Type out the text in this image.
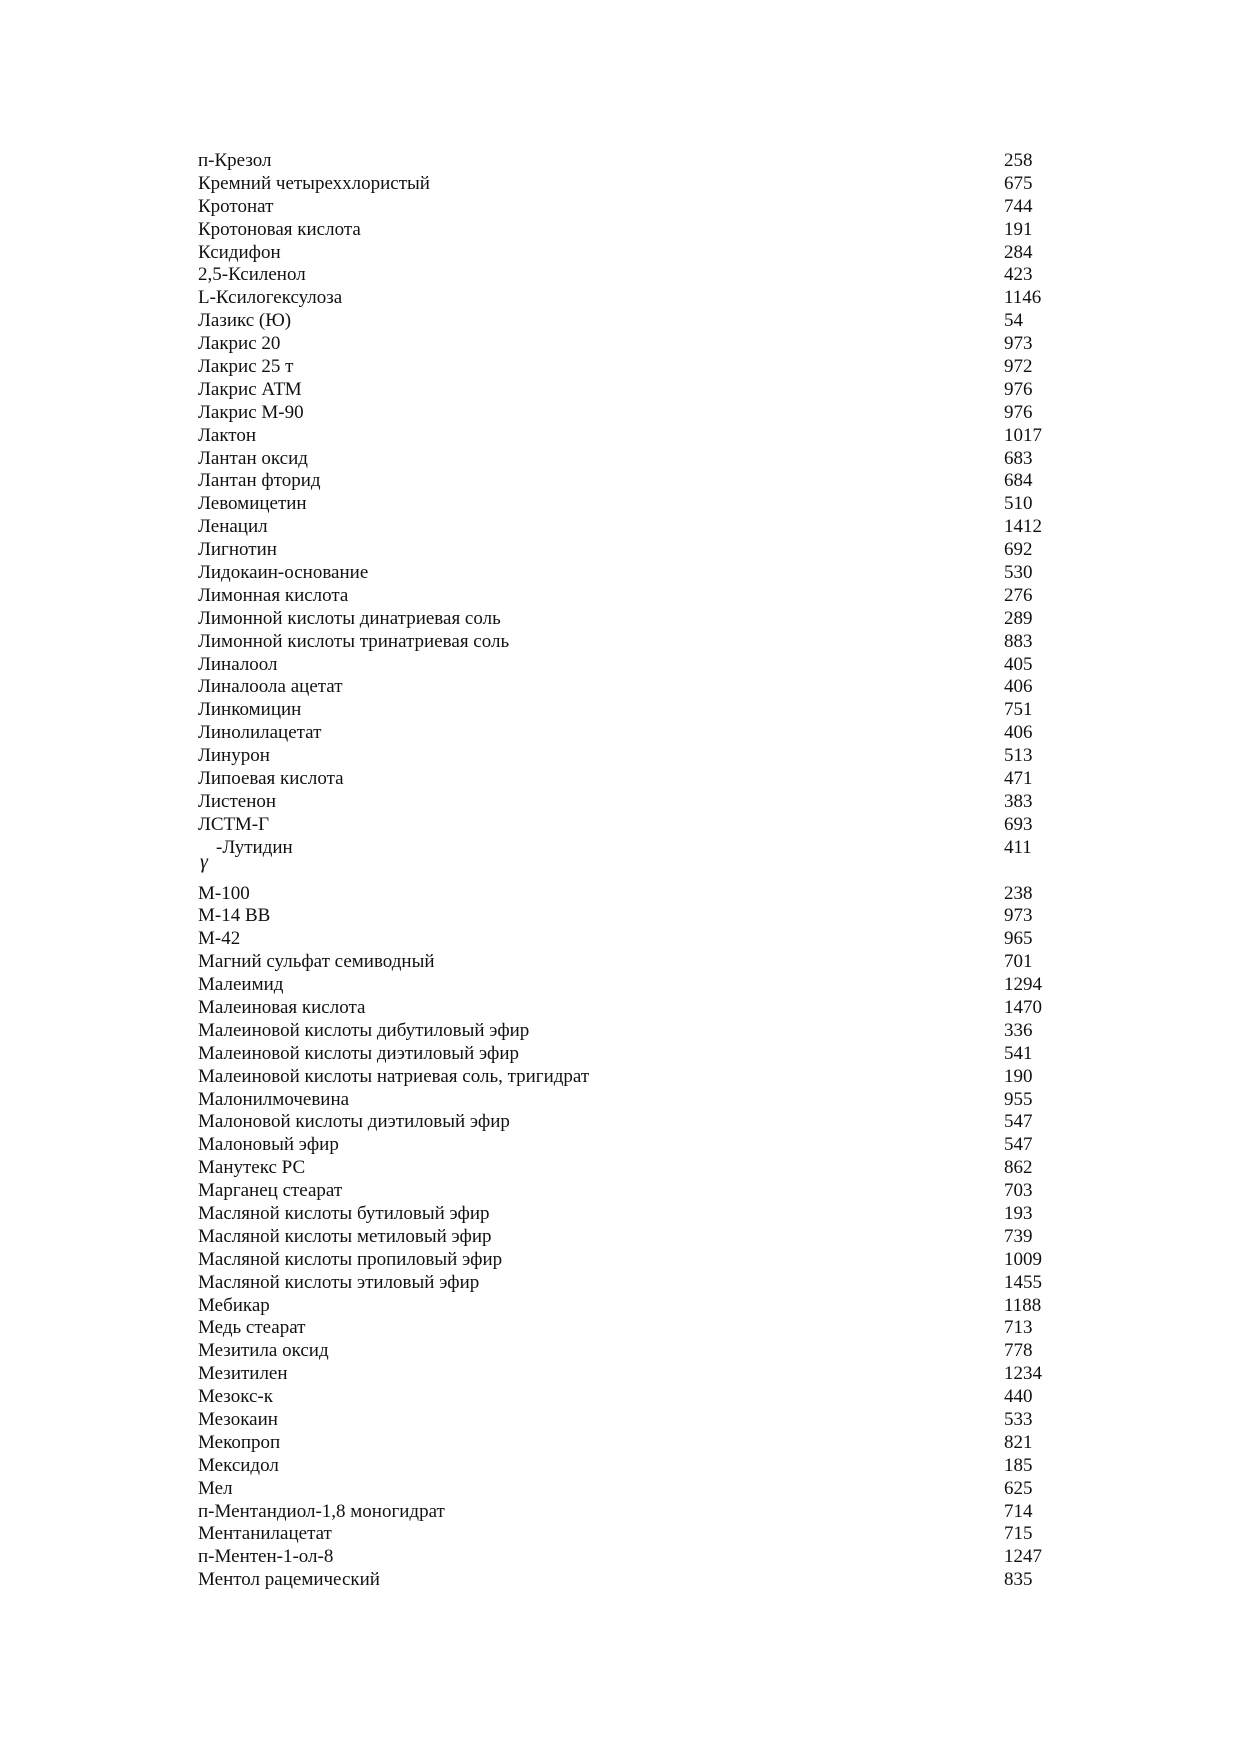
п-Крезол	258
Кремний четыреххлористый	675
Кротонат	744
Кротоновая кислота	191
Ксидифон	284
2,5-Ксиленол	423
L-Ксилогексулоза	1146
Лазикс (Ю)	54
Лакрис 20	973
Лакрис 25 т	972
Лакрис АТМ	976
Лакрис М-90	976
Лактон	1017
Лантан оксид	683
Лантан фторид	684
Левомицетин	510
Ленацил	1412
Лигнотин	692
Лидокаин-основание	530
Лимонная кислота	276
Лимонной кислоты динатриевая соль	289
Лимонной кислоты тринатриевая соль	883
Линалоол	405
Линалоола ацетат	406
Линкомицин	751
Линолилацетат	406
Линурон	513
Липоевая кислота	471
Листенон	383
ЛСТМ-Г	693
γ
-Лутидин	411
М-100	238
М-14 ВВ	973
М-42	965
Магний сульфат семиводный	701
Малеимид	1294
Малеиновая кислота	1470
Малеиновой кислоты дибутиловый эфир	336
Малеиновой кислоты диэтиловый эфир	541
Малеиновой кислоты натриевая соль, тригидрат	190
Малонилмочевина	955
Малоновой кислоты диэтиловый эфир	547
Малоновый эфир	547
Манутекс РС	862
Марганец стеарат	703
Масляной кислоты бутиловый эфир	193
Масляной кислоты метиловый эфир	739
Масляной кислоты пропиловый эфир	1009
Масляной кислоты этиловый эфир	1455
Мебикар	1188
Медь стеарат	713
Мезитила оксид	778
Мезитилен	1234
Мезокс-к	440
Мезокаин	533
Мекопроп	821
Мексидол	185
Мел	625
п-Ментандиол-1,8 моногидрат	714
Ментанилацетат	715
п-Ментен-1-ол-8	1247
Ментол рацемический	835
